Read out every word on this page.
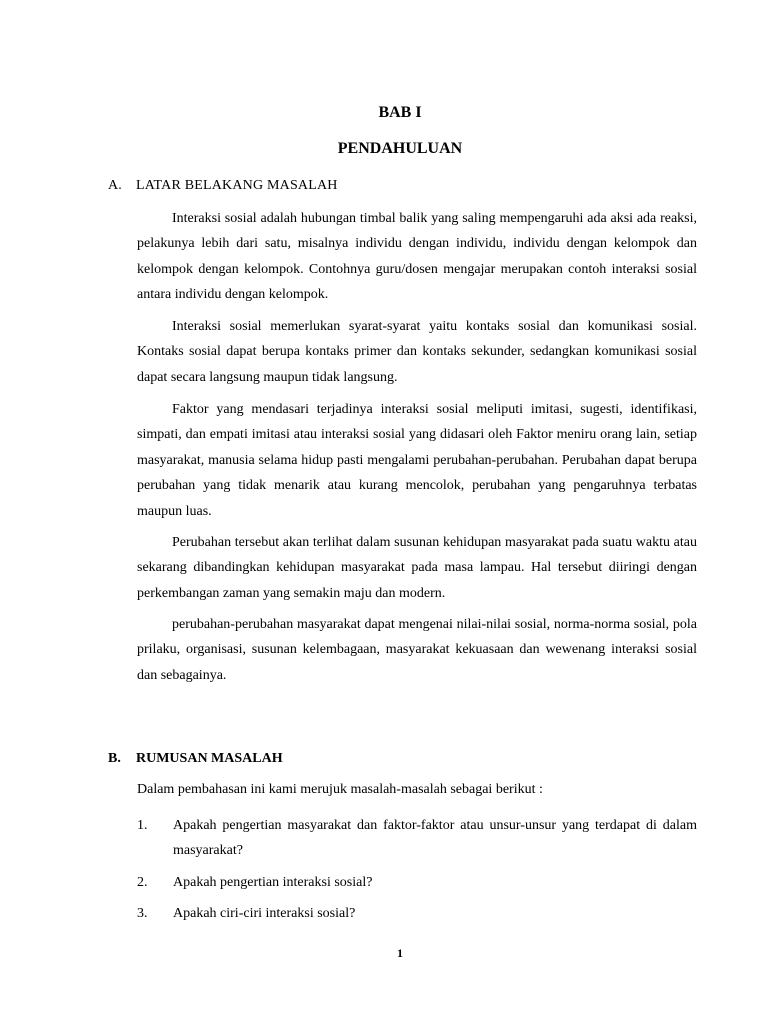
BAB I
PENDAHULUAN
A. LATAR BELAKANG MASALAH

Interaksi sosial adalah hubungan timbal balik yang saling mempengaruhi ada aksi ada reaksi, pelakunya lebih dari satu, misalnya individu dengan individu, individu dengan kelompok dan kelompok dengan kelompok. Contohnya guru/dosen mengajar merupakan contoh interaksi sosial antara individu dengan kelompok.

Interaksi sosial memerlukan syarat-syarat yaitu kontaks sosial dan komunikasi sosial. Kontaks sosial dapat berupa kontaks primer dan kontaks sekunder, sedangkan komunikasi sosial dapat secara langsung maupun tidak langsung.

Faktor yang mendasari terjadinya interaksi sosial meliputi imitasi, sugesti, identifikasi, simpati, dan empati imitasi atau interaksi sosial yang didasari oleh Faktor meniru orang lain, setiap masyarakat, manusia selama hidup pasti mengalami perubahan-perubahan. Perubahan dapat berupa perubahan yang tidak menarik atau kurang mencolok, perubahan yang pengaruhnya terbatas maupun luas.

Perubahan tersebut akan terlihat dalam susunan kehidupan masyarakat pada suatu waktu atau sekarang dibandingkan kehidupan masyarakat pada masa lampau. Hal tersebut diiringi dengan perkembangan zaman yang semakin maju dan modern.

perubahan-perubahan masyarakat dapat mengenai nilai-nilai sosial, norma-norma sosial, pola prilaku, organisasi, susunan kelembagaan, masyarakat kekuasaan dan wewenang interaksi sosial dan sebagainya.

B. RUMUSAN MASALAH
Dalam pembahasan ini kami merujuk masalah-masalah sebagai berikut :
1. Apakah pengertian masyarakat dan faktor-faktor atau unsur-unsur yang terdapat di dalam masyarakat?
2. Apakah pengertian interaksi sosial?
3. Apakah ciri-ciri interaksi sosial?
1
